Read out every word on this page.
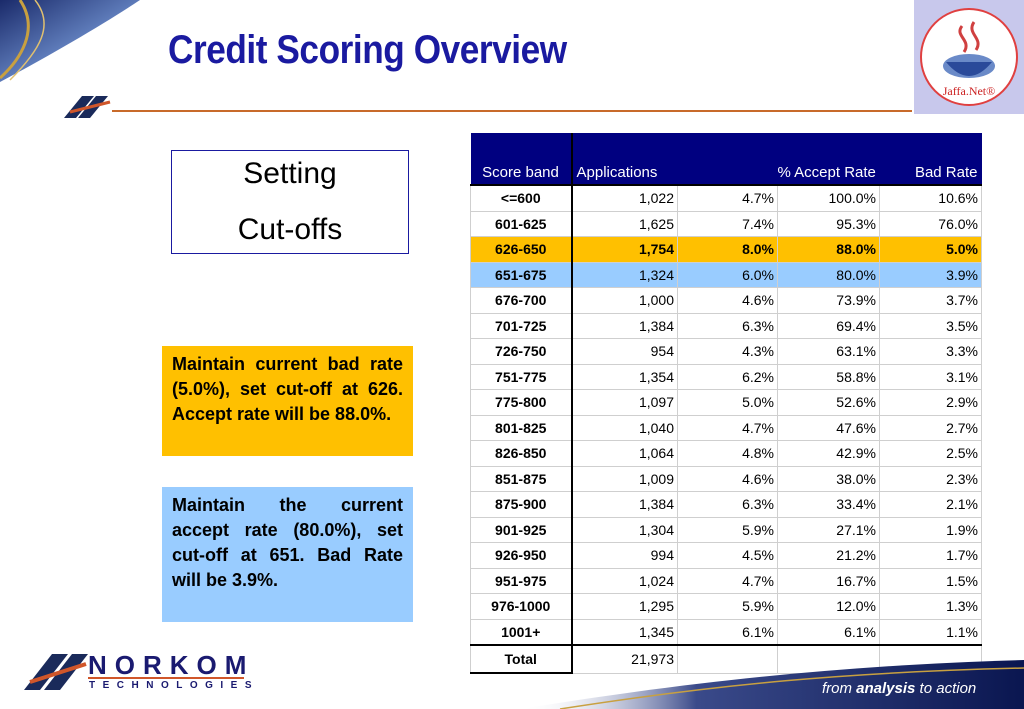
Credit Scoring Overview
Jaffa.Net®
Setting
Cut-offs
Maintain current bad rate (5.0%), set cut-off at 626. Accept rate will be 88.0%.
Maintain the current accept rate (80.0%), set cut-off at 651. Bad Rate will be 3.9%.
Score band	Applications		% Accept Rate	Bad Rate
<=600	1,022	4.7%	100.0%	10.6%
601-625	1,625	7.4%	95.3%	76.0%
626-650	1,754	8.0%	88.0%	5.0%
651-675	1,324	6.0%	80.0%	3.9%
676-700	1,000	4.6%	73.9%	3.7%
701-725	1,384	6.3%	69.4%	3.5%
726-750	954	4.3%	63.1%	3.3%
751-775	1,354	6.2%	58.8%	3.1%
775-800	1,097	5.0%	52.6%	2.9%
801-825	1,040	4.7%	47.6%	2.7%
826-850	1,064	4.8%	42.9%	2.5%
851-875	1,009	4.6%	38.0%	2.3%
875-900	1,384	6.3%	33.4%	2.1%
901-925	1,304	5.9%	27.1%	1.9%
926-950	994	4.5%	21.2%	1.7%
951-975	1,024	4.7%	16.7%	1.5%
976-1000	1,295	5.9%	12.0%	1.3%
1001+	1,345	6.1%	6.1%	1.1%
Total	21,973			
NORKOM
TECHNOLOGIES	from analysis to action
